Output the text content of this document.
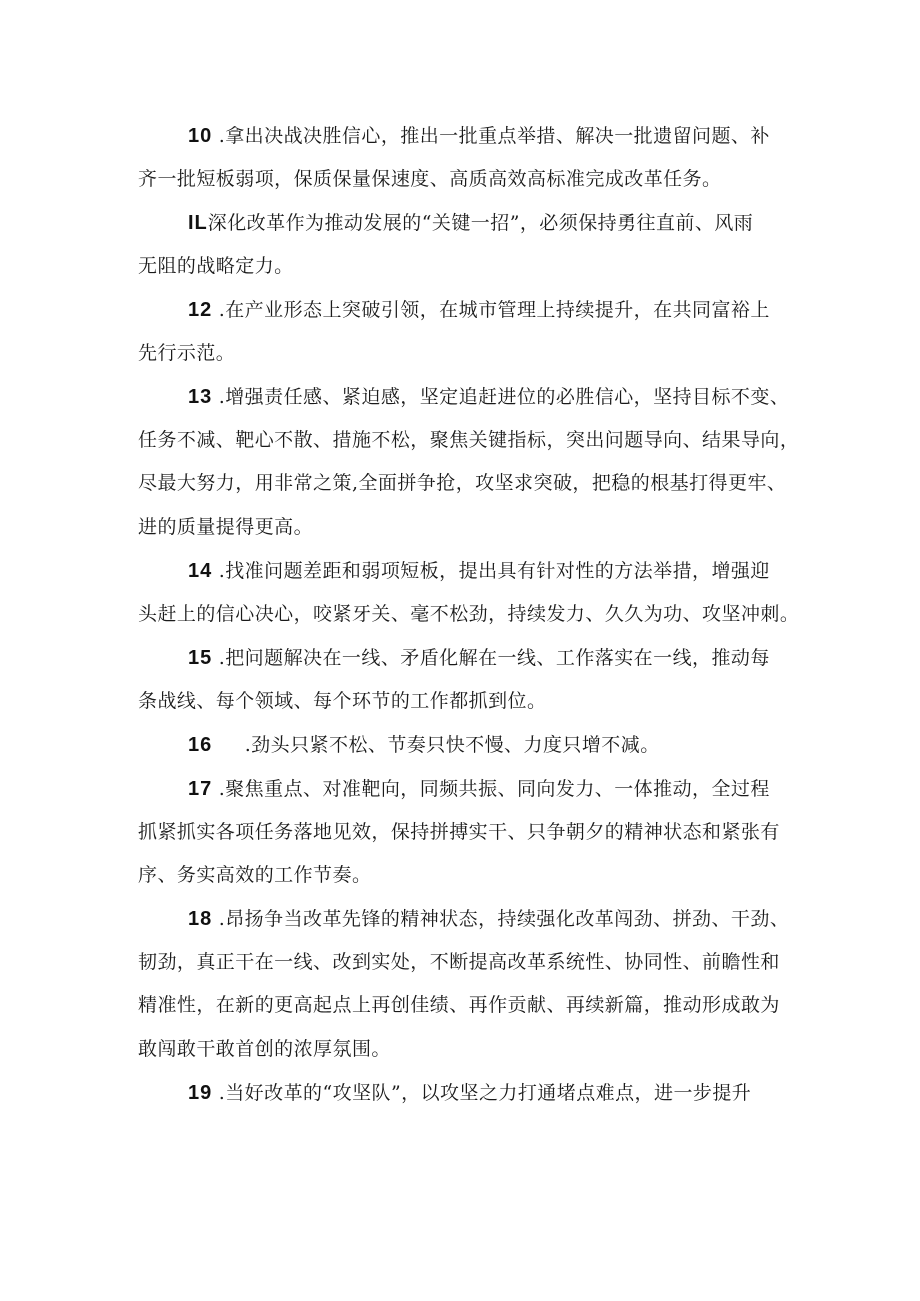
10 .拿出决战决胜信心，推出一批重点举措、解决一批遗留问题、补
齐一批短板弱项，保质保量保速度、高质高效高标准完成改革任务。
IL深化改革作为推动发展的“关键一招”，必须保持勇往直前、风雨
无阻的战略定力。
12 .在产业形态上突破引领，在城市管理上持续提升，在共同富裕上
先行示范。
13 .增强责任感、紧迫感，坚定追赶进位的必胜信心，坚持目标不变、
任务不减、靶心不散、措施不松，聚焦关键指标，突出问题导向、结果导向，
尽最大努力，用非常之策,全面拼争抢，攻坚求突破，把稳的根基打得更牢、
进的质量提得更高。
14 .找准问题差距和弱项短板，提出具有针对性的方法举措，增强迎
头赶上的信心决心，咬紧牙关、毫不松劲，持续发力、久久为功、攻坚冲刺。
15 .把问题解决在一线、矛盾化解在一线、工作落实在一线，推动每
条战线、每个领域、每个环节的工作都抓到位。
16     .劲头只紧不松、节奏只快不慢、力度只增不减。
17 .聚焦重点、对准靶向，同频共振、同向发力、一体推动，全过程
抓紧抓实各项任务落地见效，保持拼搏实干、只争朝夕的精神状态和紧张有
序、务实高效的工作节奏。
18 .昂扬争当改革先锋的精神状态，持续强化改革闯劲、拼劲、干劲、
韧劲，真正干在一线、改到实处，不断提高改革系统性、协同性、前瞻性和
精准性，在新的更高起点上再创佳绩、再作贡献、再续新篇，推动形成敢为
敢闯敢干敢首创的浓厚氛围。
19 .当好改革的“攻坚队”，以攻坚之力打通堵点难点，进一步提升
